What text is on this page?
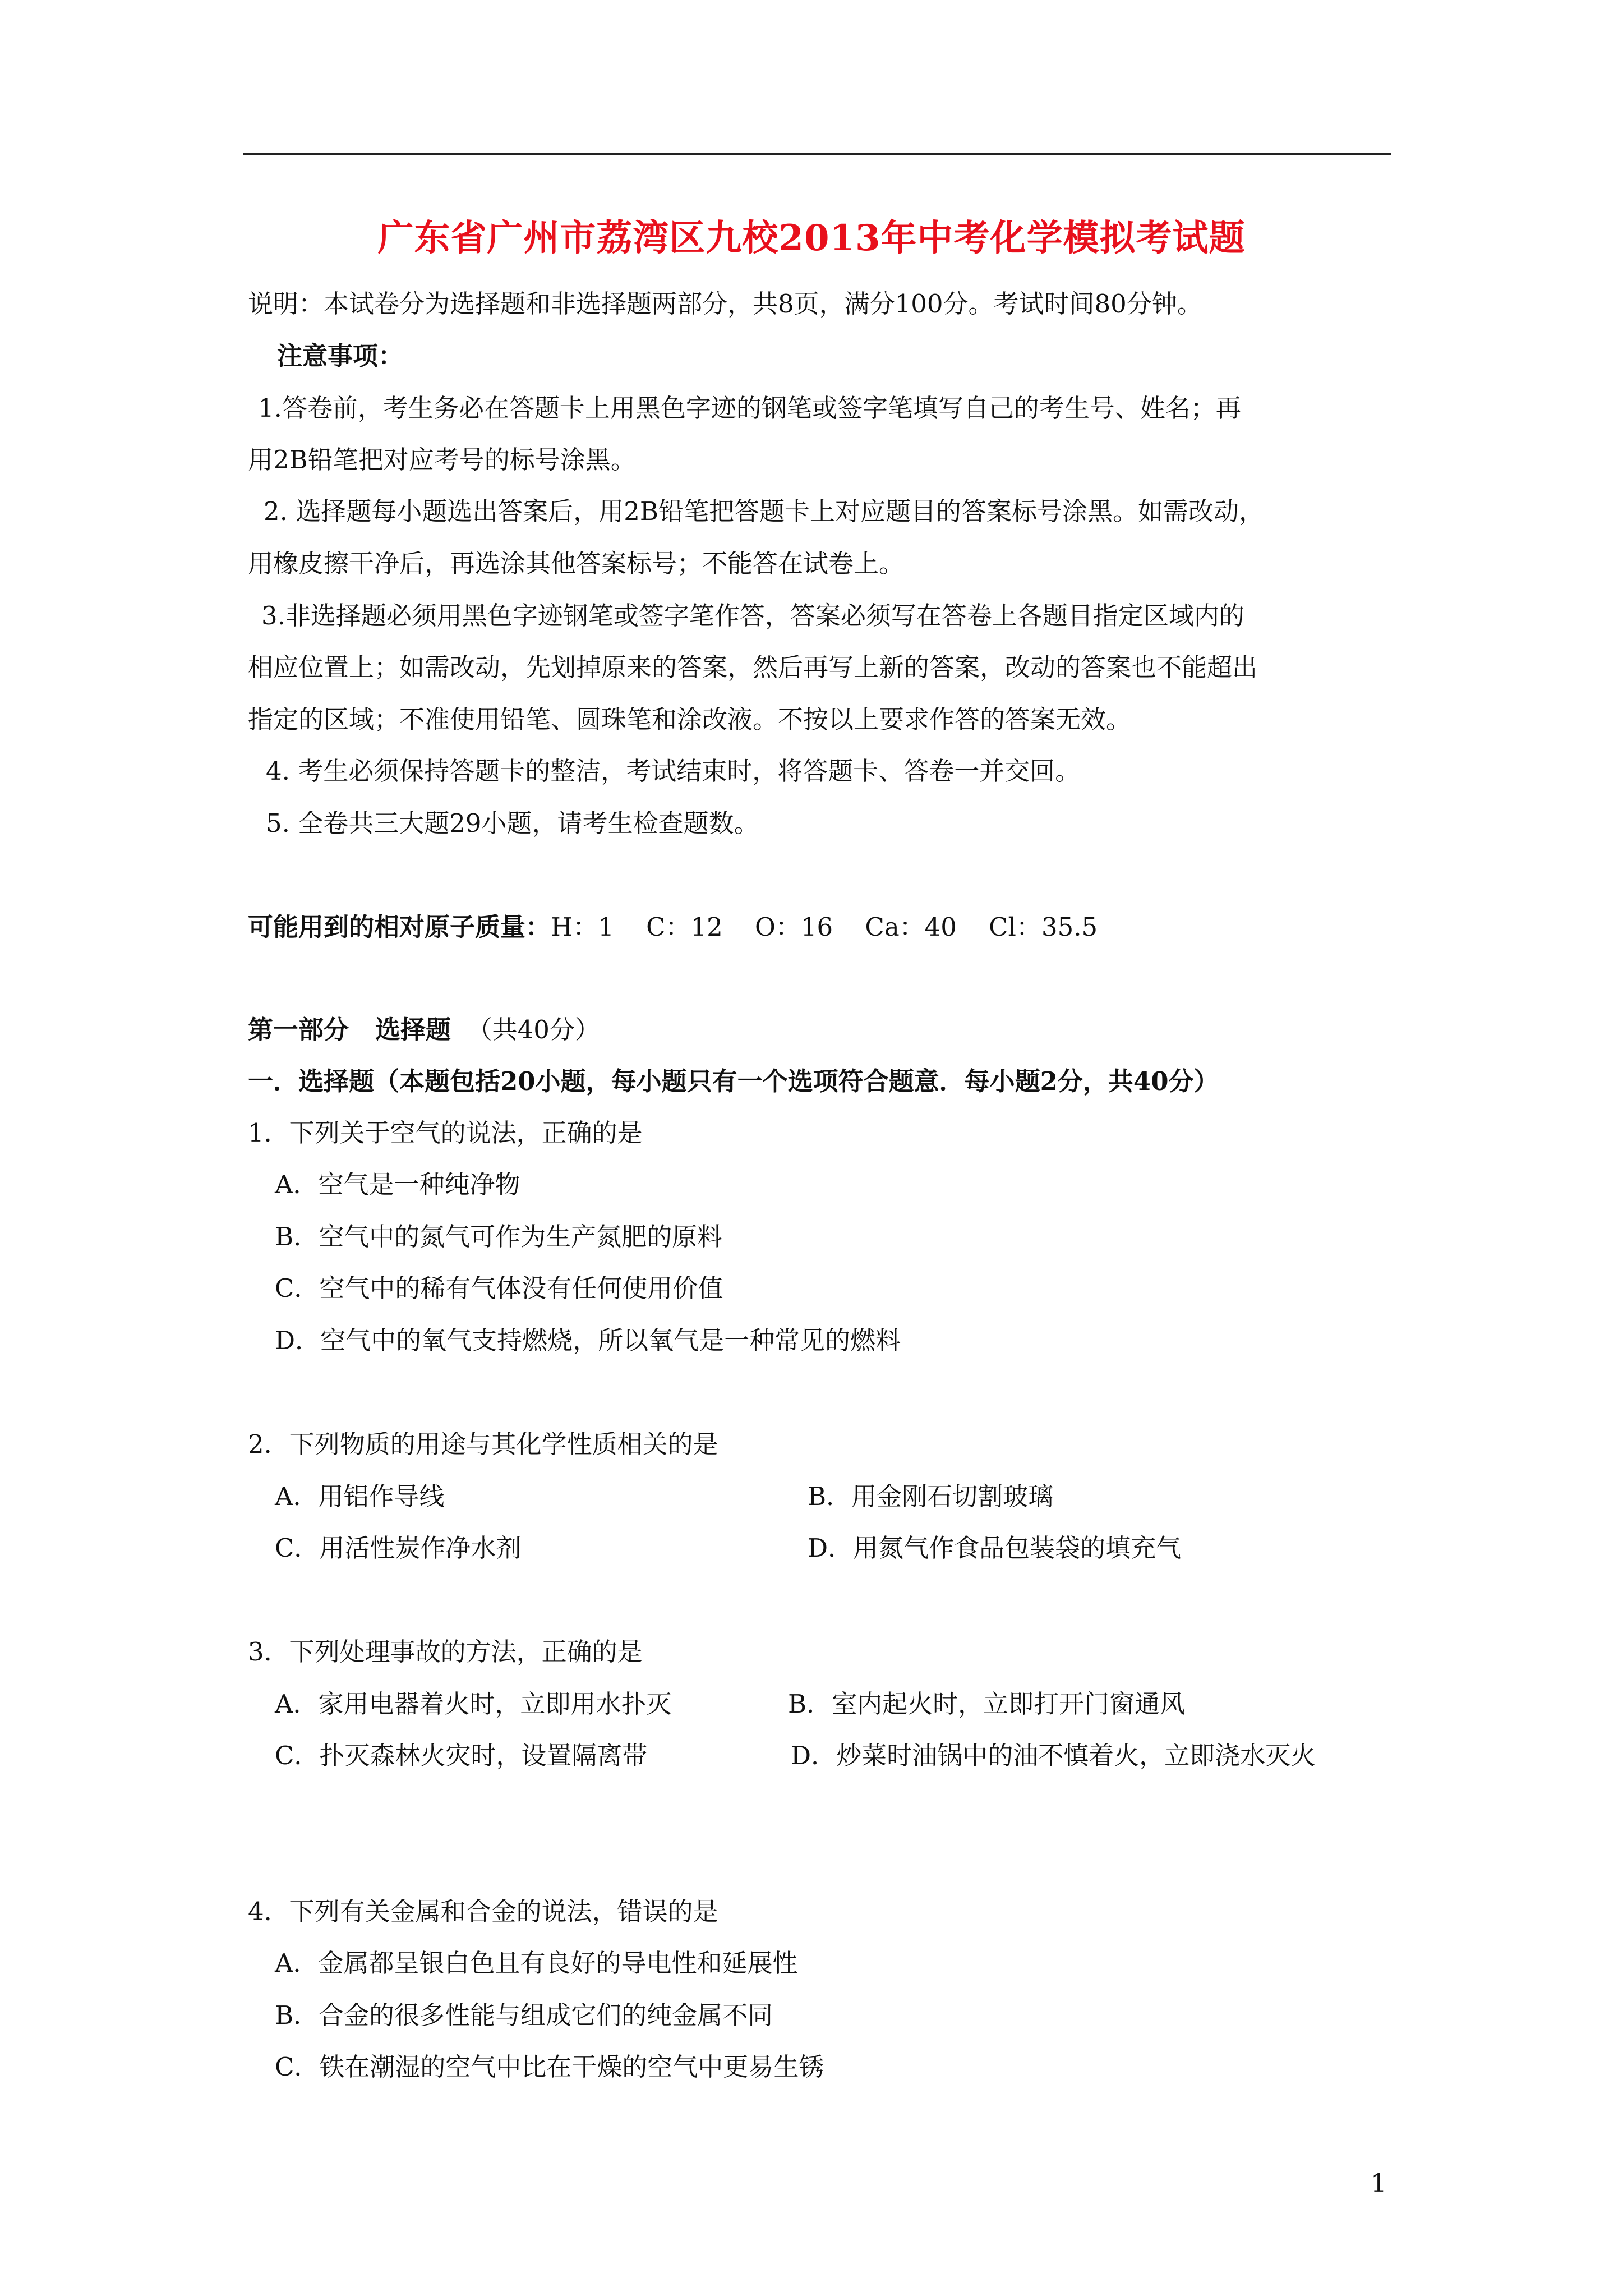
广东省广州市荔湾区九校2013年中考化学模拟考试题
说明：本试卷分为选择题和非选择题两部分，共8页，满分100分。考试时间80分钟。
注意事项：
1.答卷前，考生务必在答题卡上用黑色字迹的钢笔或签字笔填写自己的考生号、姓名；再
用2B铅笔把对应考号的标号涂黑。
2. 选择题每小题选出答案后，用2B铅笔把答题卡上对应题目的答案标号涂黑。如需改动，
用橡皮擦干净后，再选涂其他答案标号；不能答在试卷上。
3.非选择题必须用黑色字迹钢笔或签字笔作答，答案必须写在答卷上各题目指定区域内的
相应位置上；如需改动，先划掉原来的答案，然后再写上新的答案，改动的答案也不能超出
指定的区域；不准使用铅笔、圆珠笔和涂改液。不按以上要求作答的答案无效。
4. 考生必须保持答题卡的整洁，考试结束时，将答题卡、答卷一并交回。
5. 全卷共三大题29小题，请考生检查题数。
可能用到的相对原子质量：H：1    C：12    O：16    Ca：40    Cl：35.5
第一部分   选择题 （共40分）
一．选择题（本题包括20小题，每小题只有一个选项符合题意．每小题2分，共40分）
1．下列关于空气的说法，正确的是
A．空气是一种纯净物
B．空气中的氮气可作为生产氮肥的原料
C．空气中的稀有气体没有任何使用价值
D．空气中的氧气支持燃烧，所以氧气是一种常见的燃料
2．下列物质的用途与其化学性质相关的是
A．用铝作导线	B．用金刚石切割玻璃
C．用活性炭作净水剂	D．用氮气作食品包装袋的填充气
3．下列处理事故的方法，正确的是
A．家用电器着火时，立即用水扑灭	B．室内起火时，立即打开门窗通风
C．扑灭森林火灾时，设置隔离带	D．炒菜时油锅中的油不慎着火，立即浇水灭火
4．下列有关金属和合金的说法，错误的是
A．金属都呈银白色且有良好的导电性和延展性
B．合金的很多性能与组成它们的纯金属不同
C．铁在潮湿的空气中比在干燥的空气中更易生锈
1
